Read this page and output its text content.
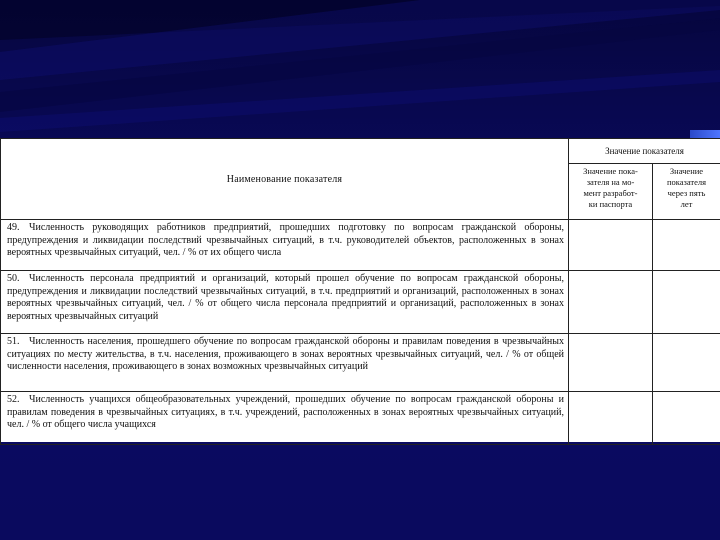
Наименование показателя	Значение показателя	

	Значение пока-
зателя на мо-
мент разработ-
ки паспорта	Значение
показателя
через пять
лет

49. Численность руководящих работников предприятий, прошедших подготовку по вопросам гражданской обороны, предупреждения и ликвидации последствий чрезвычайных ситуаций, в т.ч. руководителей объектов, расположенных в зонах вероятных чрезвычайных ситуаций, чел. / % от их общего числа		
50. Численность персонала предприятий и организаций, который прошел обучение по вопросам гражданской обороны, предупреждения и ликвидации последствий чрезвычайных ситуаций, в т.ч. предприятий и организаций, расположенных в зонах вероятных чрезвычайных ситуаций, чел. / % от общего числа персонала предприятий и организаций, расположенных в зонах вероятных чрезвычайных ситуаций		
51. Численность населения, прошедшего обучение по вопросам гражданской обороны и правилам поведения в чрезвычайных ситуациях по месту жительства, в т.ч. населения, проживающего в зонах вероятных чрезвычайных ситуаций, чел. / % от общей численности населения, проживающего в зонах возможных чрезвычайных ситуаций		
52. Численность учащихся общеобразовательных учреждений, прошедших обучение по вопросам гражданской обороны и правилам поведения в чрезвычайных ситуациях, в т.ч. учреждений, расположенных в зонах вероятных чрезвычайных ситуаций, чел. / % от общего числа учащихся		
